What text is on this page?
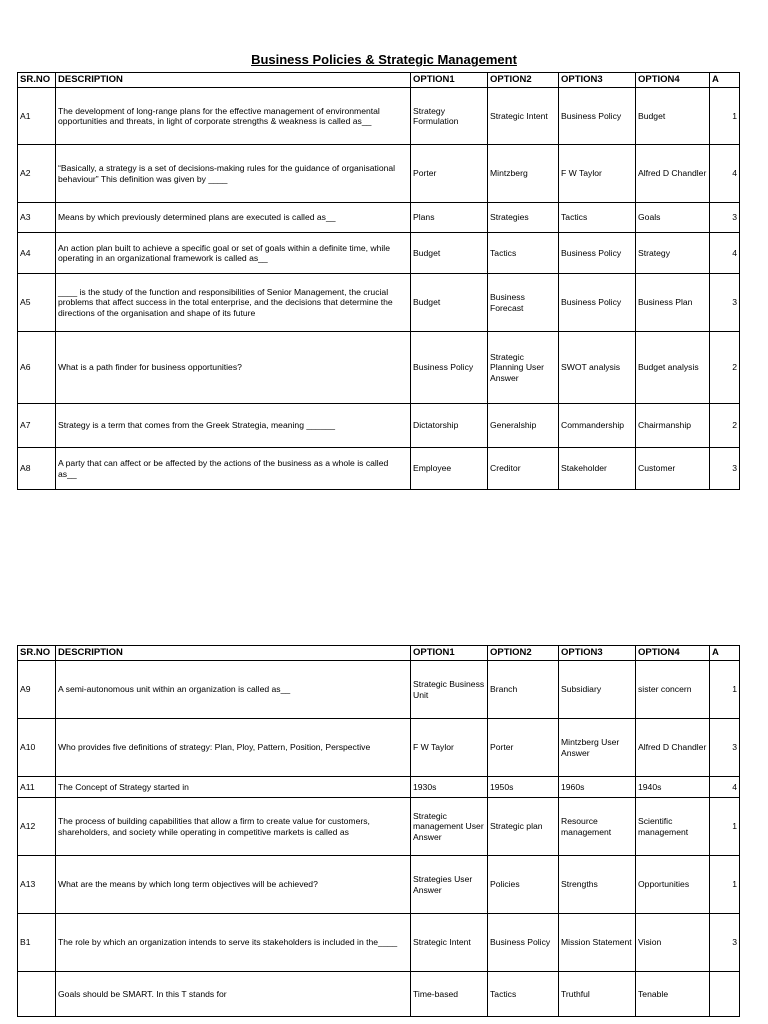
Business Policies & Strategic Management
SR.NO	DESCRIPTION	OPTION1	OPTION2	OPTION3	OPTION4	A
A1	The development of long-range plans for the effective management of environmental opportunities and threats, in light of corporate strengths & weakness is called as__	Strategy Formulation	Strategic Intent	Business Policy	Budget	1
A2	“Basically, a strategy is a set of decisions-making rules for the guidance of organisational behaviour” This definition was given by ____	Porter	Mintzberg	F W Taylor	Alfred D Chandler	4
A3	Means by which previously determined plans are executed is called as__	Plans	Strategies	Tactics	Goals	3
A4	An action plan built to achieve a specific goal or set of goals within a definite time, while operating in an organizational framework is called as__	Budget	Tactics	Business Policy	Strategy	4
A5	____ is the study of the function and responsibilities of Senior Management, the crucial problems that affect success in the total enterprise, and the decisions that determine the directions of the organisation and shape of its future	Budget	Business Forecast	Business Policy	Business Plan	3
A6	What is a path finder for business opportunities?	Business Policy	Strategic Planning User Answer	SWOT analysis	Budget analysis	2
A7	Strategy is a term that comes from the Greek Strategia, meaning ______	Dictatorship	Generalship	Commandership	Chairmanship	2
A8	A party that can affect or be affected by the actions of the business as a whole is called as__	Employee	Creditor	Stakeholder	Customer	3
SR.NO	DESCRIPTION	OPTION1	OPTION2	OPTION3	OPTION4	A
A9	A semi-autonomous unit within an organization is called as__	Strategic Business Unit	Branch	Subsidiary	sister concern	1
A10	Who provides five definitions of strategy: Plan, Ploy, Pattern, Position, Perspective	F W Taylor	Porter	Mintzberg User Answer	Alfred D Chandler	3
A11	The Concept of Strategy started in	1930s	1950s	1960s	1940s	4
A12	The process of building capabilities that allow a firm to create value for customers, shareholders, and society while operating in competitive markets is called as	Strategic management User Answer	Strategic plan	Resource management	Scientific management	1
A13	What are the means by which long term objectives will be achieved?	Strategies User Answer	Policies	Strengths	Opportunities	1
B1	The role by which an organization intends to serve its stakeholders is included in the____	Strategic Intent	Business Policy	Mission Statement	Vision	3
	Goals should be SMART. In this T stands for	Time-based	Tactics	Truthful	Tenable	
